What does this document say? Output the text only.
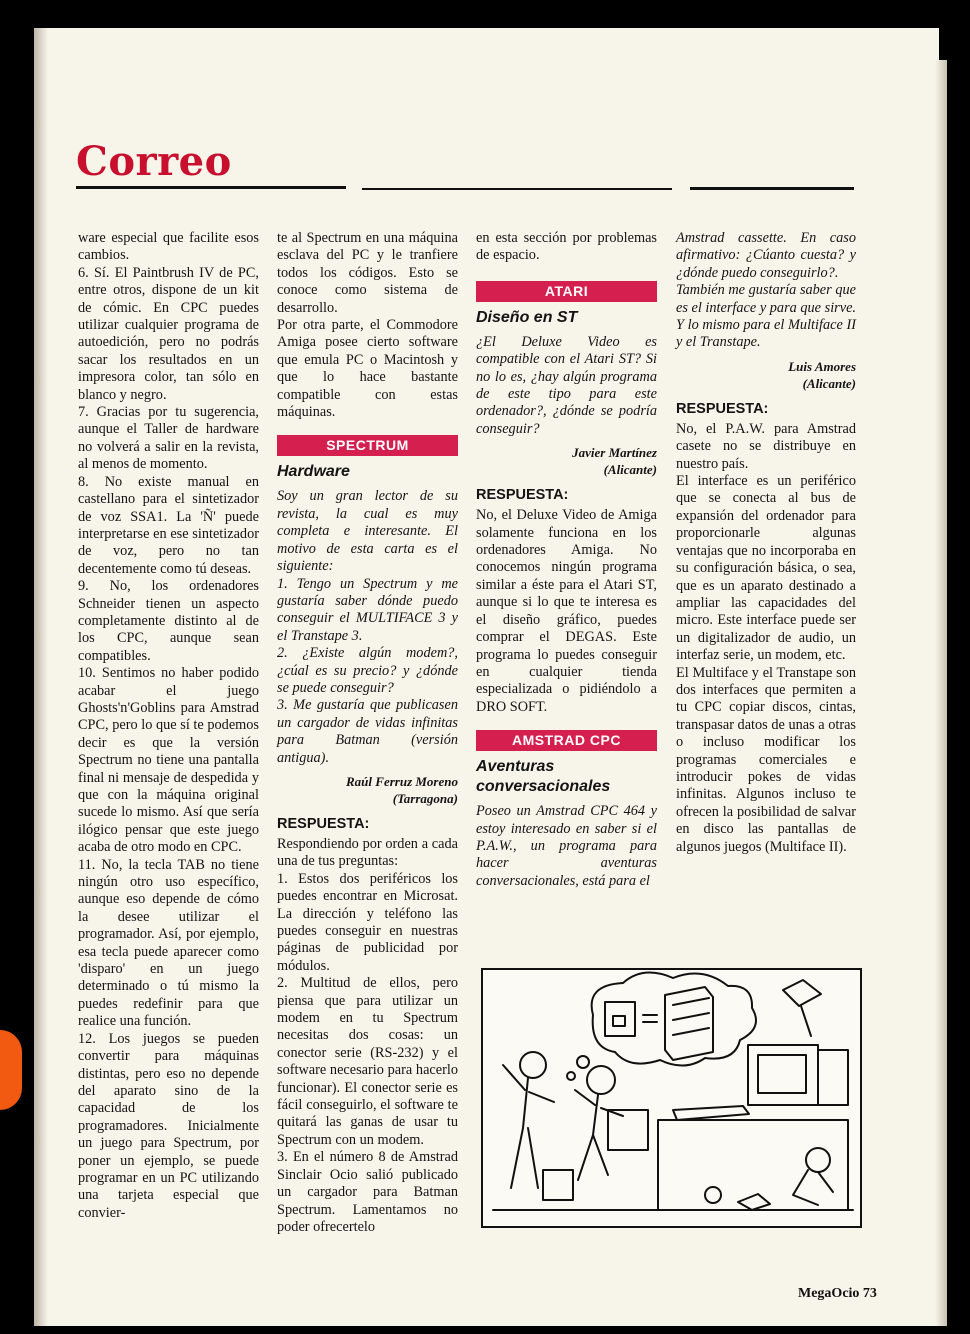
Correo

ware especial que facilite esos cambios.

6. Sí. El Paintbrush IV de PC, entre otros, dispone de un kit de cómic. En CPC puedes utilizar cualquier programa de autoedición, pero no podrás sacar los resultados en un impresora color, tan sólo en blanco y negro.

7. Gracias por tu sugerencia, aunque el Taller de hardware no volverá a salir en la revista, al menos de momento.

8. No existe manual en castellano para el sintetizador de voz SSA1. La 'Ñ' puede interpretarse en ese sintetizador de voz, pero no tan decentemente como tú deseas.

9. No, los ordenadores Schneider tienen un aspecto completamente distinto al de los CPC, aunque sean compatibles.

10. Sentimos no haber podido acabar el juego Ghosts'n'Goblins para Amstrad CPC, pero lo que sí te podemos decir es que la versión Spectrum no tiene una pantalla final ni mensaje de despedida y que con la máquina original sucede lo mismo. Así que sería ilógico pensar que este juego acaba de otro modo en CPC.

11. No, la tecla TAB no tiene ningún otro uso específico, aunque eso depende de cómo la desee utilizar el programador. Así, por ejemplo, esa tecla puede aparecer como 'disparo' en un juego determinado o tú mismo la puedes redefinir para que realice una función.

12. Los juegos se pueden convertir para máquinas distintas, pero eso no depende del aparato sino de la capacidad de los programadores. Inicialmente un juego para Spectrum, por poner un ejemplo, se puede programar en un PC utilizando una tarjeta especial que convier-

te al Spectrum en una máquina esclava del PC y le tranfiere todos los códigos. Esto se conoce como sistema de desarrollo.

Por otra parte, el Commodore Amiga posee cierto software que emula PC o Macintosh y que lo hace bastante compatible con estas máquinas.

SPECTRUM
Hardware

Soy un gran lector de su revista, la cual es muy completa e interesante. El motivo de esta carta es el siguiente:

1. Tengo un Spectrum y me gustaría saber dónde puedo conseguir el MULTIFACE 3 y el Transtape 3.

2. ¿Existe algún modem?, ¿cúal es su precio? y ¿dónde se puede conseguir?

3. Me gustaría que publicasen un cargador de vidas infinitas para Batman (versión antigua).

Raúl Ferruz Moreno
(Tarragona)
RESPUESTA:

Respondiendo por orden a cada una de tus preguntas:

1. Estos dos periféricos los puedes encontrar en Microsat. La dirección y teléfono las puedes conseguir en nuestras páginas de publicidad por módulos.

2. Multitud de ellos, pero piensa que para utilizar un modem en tu Spectrum necesitas dos cosas: un conector serie (RS-232) y el software necesario para hacerlo funcionar). El conector serie es fácil conseguirlo, el software te quitará las ganas de usar tu Spectrum con un modem.

3. En el número 8 de Amstrad Sinclair Ocio salió publicado un cargador para Batman Spectrum. Lamentamos no poder ofrecertelo

en esta sección por problemas de espacio.

ATARI
Diseño en ST

¿El Deluxe Video es compatible con el Atari ST? Si no lo es, ¿hay algún programa de este tipo para este ordenador?, ¿dónde se podría conseguir?

Javier Martínez
(Alicante)
RESPUESTA:

No, el Deluxe Video de Amiga solamente funciona en los ordenadores Amiga. No conocemos ningún programa similar a éste para el Atari ST, aunque si lo que te interesa es el diseño gráfico, puedes comprar el DEGAS. Este programa lo puedes conseguir en cualquier tienda especializada o pidiéndolo a DRO SOFT.

AMSTRAD CPC
Aventuras conversacionales

Poseo un Amstrad CPC 464 y estoy interesado en saber si el P.A.W., un programa para hacer aventuras conversacionales, está para el

Amstrad cassette. En caso afirmativo: ¿Cúanto cuesta? y ¿dónde puedo conseguirlo?.

También me gustaría saber que es el interface y para que sirve. Y lo mismo para el Multiface II y el Transtape.

Luis Amores
(Alicante)
RESPUESTA:

No, el P.A.W. para Amstrad casete no se distribuye en nuestro país.

El interface es un periférico que se conecta al bus de expansión del ordenador para proporcionarle algunas ventajas que no incorporaba en su configuración básica, o sea, que es un aparato destinado a ampliar las capacidades del micro. Este interface puede ser un digitalizador de audio, un interfaz serie, un modem, etc.

El Multiface y el Transtape son dos interfaces que permiten a tu CPC copiar discos, cintas, transpasar datos de unas a otras o incluso modificar los programas comerciales e introducir pokes de vidas infinitas. Algunos incluso te ofrecen la posibilidad de salvar en disco las pantallas de algunos juegos (Multiface II).

MegaOcio 73
